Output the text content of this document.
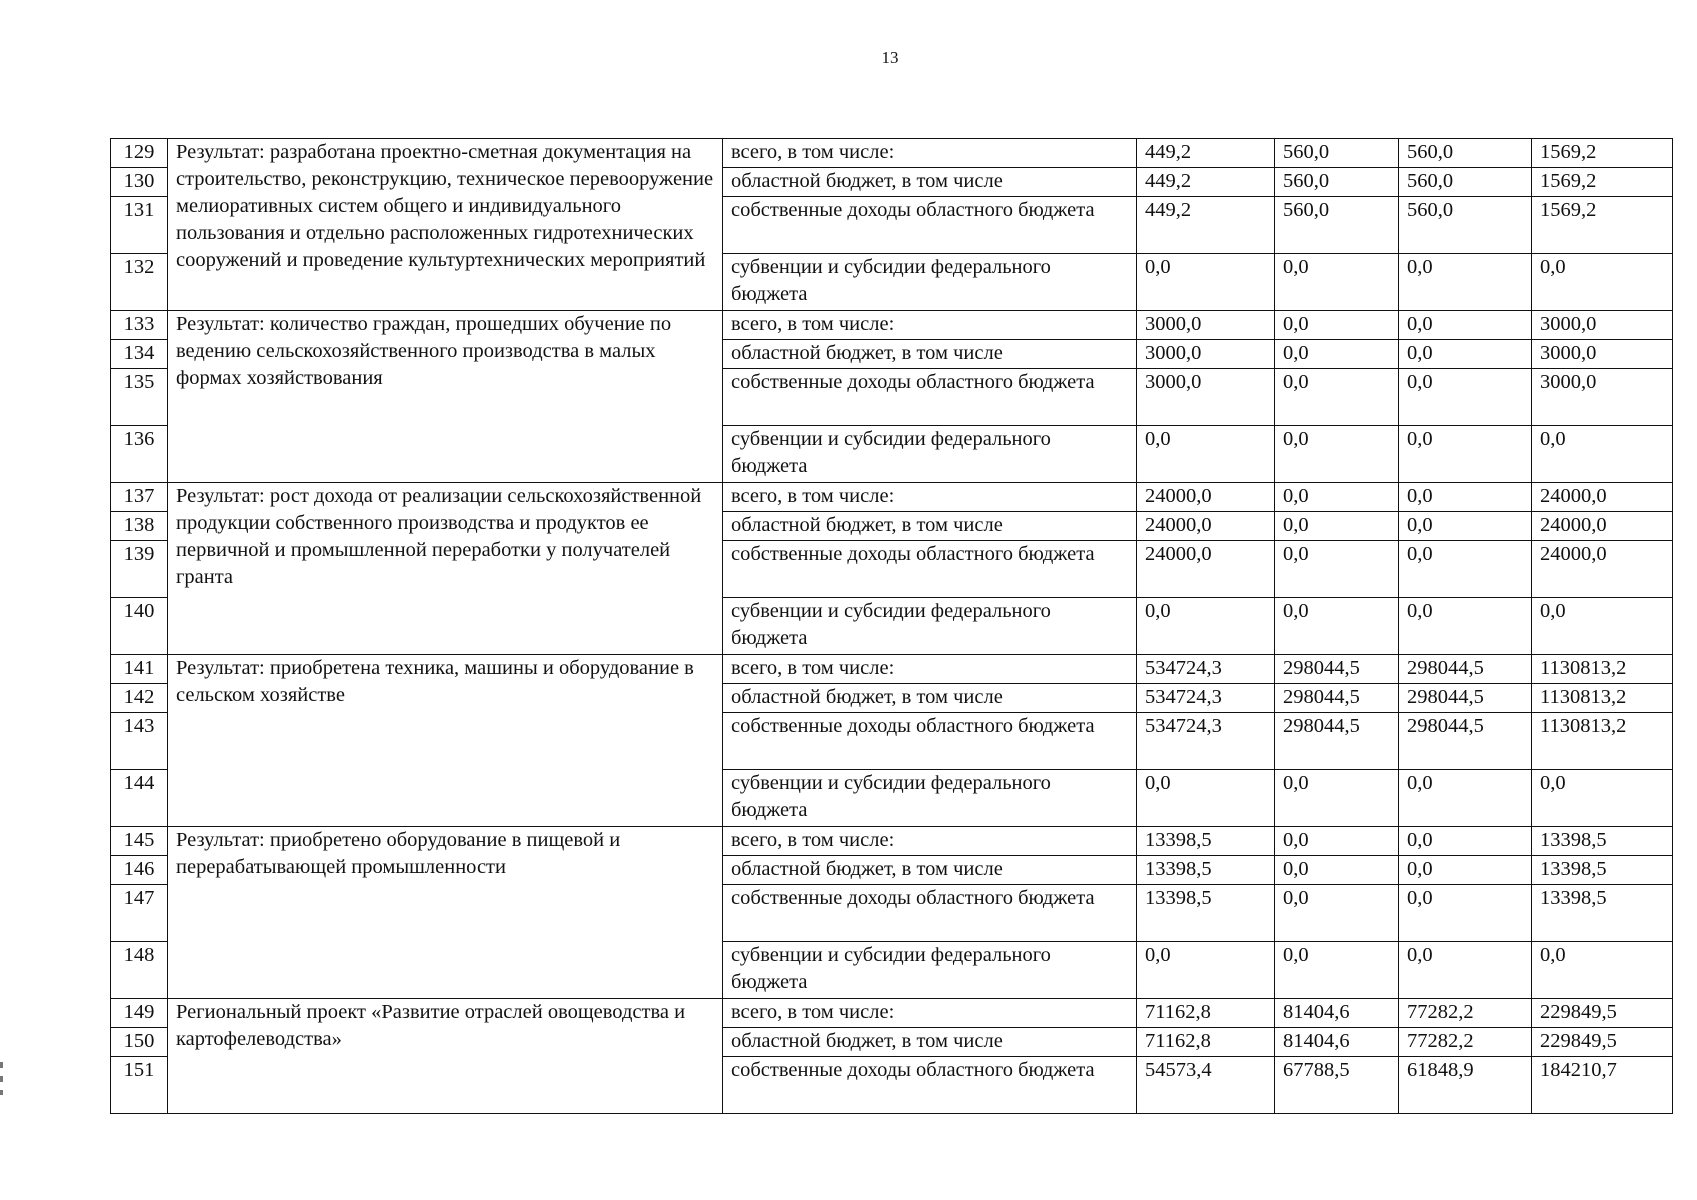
13
129	Результат: разработана проектно-сметная документация на строительство, реконструкцию, техническое перевооружение мелиоративных систем общего и индивидуального пользования и отдельно расположенных гидротехнических сооружений и проведение культуртехнических мероприятий	всего, в том числе:	449,2	560,0	560,0	1569,2
130		областной бюджет, в том числе	449,2	560,0	560,0	1569,2
131		собственные доходы областного бюджета	449,2	560,0	560,0	1569,2
132		субвенции и субсидии федерального бюджета	0,0	0,0	0,0	0,0
133	Результат: количество граждан, прошедших обучение по ведению сельскохозяйственного производства в малых формах хозяйствования	всего, в том числе:	3000,0	0,0	0,0	3000,0
134		областной бюджет, в том числе	3000,0	0,0	0,0	3000,0
135		собственные доходы областного бюджета	3000,0	0,0	0,0	3000,0
136		субвенции и субсидии федерального бюджета	0,0	0,0	0,0	0,0
137	Результат: рост дохода от реализации сельскохозяйственной продукции собственного производства и продуктов ее первичной и промышленной переработки у получателей гранта	всего, в том числе:	24000,0	0,0	0,0	24000,0
138		областной бюджет, в том числе	24000,0	0,0	0,0	24000,0
139		собственные доходы областного бюджета	24000,0	0,0	0,0	24000,0
140		субвенции и субсидии федерального бюджета	0,0	0,0	0,0	0,0
141	Результат: приобретена техника, машины и оборудование в сельском хозяйстве	всего, в том числе:	534724,3	298044,5	298044,5	1130813,2
142		областной бюджет, в том числе	534724,3	298044,5	298044,5	1130813,2
143		собственные доходы областного бюджета	534724,3	298044,5	298044,5	1130813,2
144		субвенции и субсидии федерального бюджета	0,0	0,0	0,0	0,0
145	Результат: приобретено оборудование в пищевой и перерабатывающей промышленности	всего, в том числе:	13398,5	0,0	0,0	13398,5
146		областной бюджет, в том числе	13398,5	0,0	0,0	13398,5
147		собственные доходы областного бюджета	13398,5	0,0	0,0	13398,5
148		субвенции и субсидии федерального бюджета	0,0	0,0	0,0	0,0
149	Региональный проект «Развитие отраслей овощеводства и картофелеводства»	всего, в том числе:	71162,8	81404,6	77282,2	229849,5
150		областной бюджет, в том числе	71162,8	81404,6	77282,2	229849,5
151		собственные доходы областного бюджета	54573,4	67788,5	61848,9	184210,7
